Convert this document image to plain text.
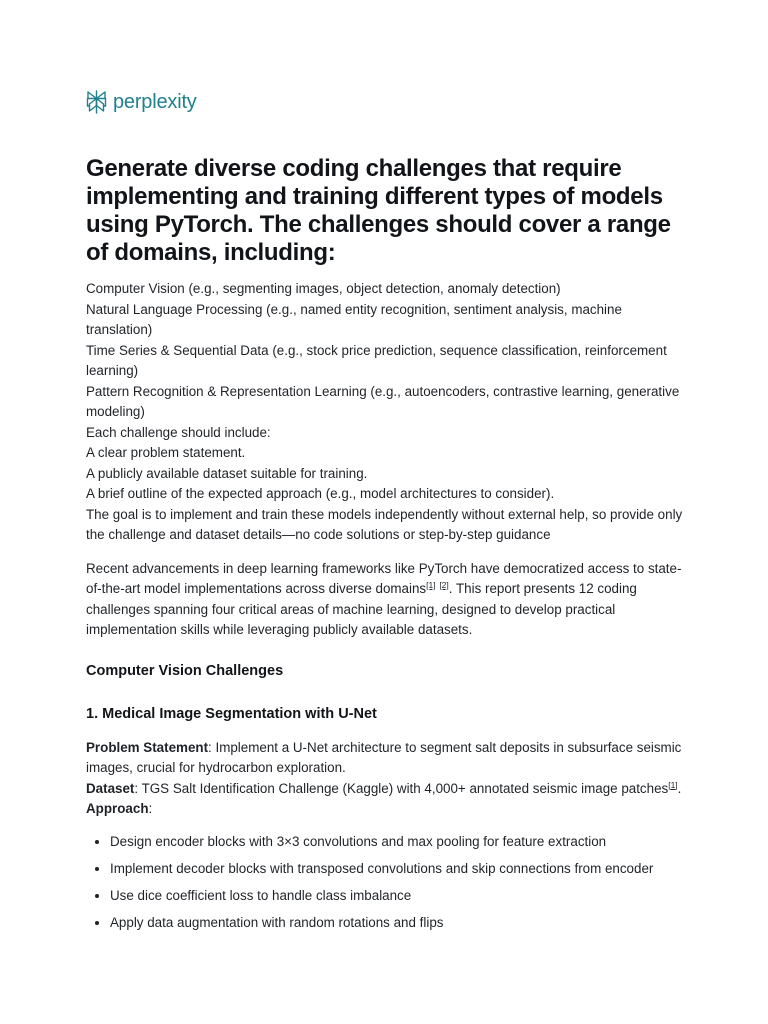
perplexity
Generate diverse coding challenges that require implementing and training different types of models using PyTorch. The challenges should cover a range of domains, including:

Computer Vision (e.g., segmenting images, object detection, anomaly detection)

Natural Language Processing (e.g., named entity recognition, sentiment analysis, machine translation)

Time Series & Sequential Data (e.g., stock price prediction, sequence classification, reinforcement learning)

Pattern Recognition & Representation Learning (e.g., autoencoders, contrastive learning, generative modeling)

Each challenge should include:

A clear problem statement.

A publicly available dataset suitable for training.

A brief outline of the expected approach (e.g., model architectures to consider).

The goal is to implement and train these models independently without external help, so provide only the challenge and dataset details—no code solutions or step-by-step guidance

Recent advancements in deep learning frameworks like PyTorch have democratized access to state-of-the-art model implementations across diverse domains[1] [2]. This report presents 12 coding challenges spanning four critical areas of machine learning, designed to develop practical implementation skills while leveraging publicly available datasets.

Computer Vision Challenges
1. Medical Image Segmentation with U-Net

Problem Statement: Implement a U-Net architecture to segment salt deposits in subsurface seismic images, crucial for hydrocarbon exploration.

Dataset: TGS Salt Identification Challenge (Kaggle) with 4,000+ annotated seismic image patches[1].

Approach:

• Design encoder blocks with 3×3 convolutions and max pooling for feature extraction
• Implement decoder blocks with transposed convolutions and skip connections from encoder
• Use dice coefficient loss to handle class imbalance
• Apply data augmentation with random rotations and flips
